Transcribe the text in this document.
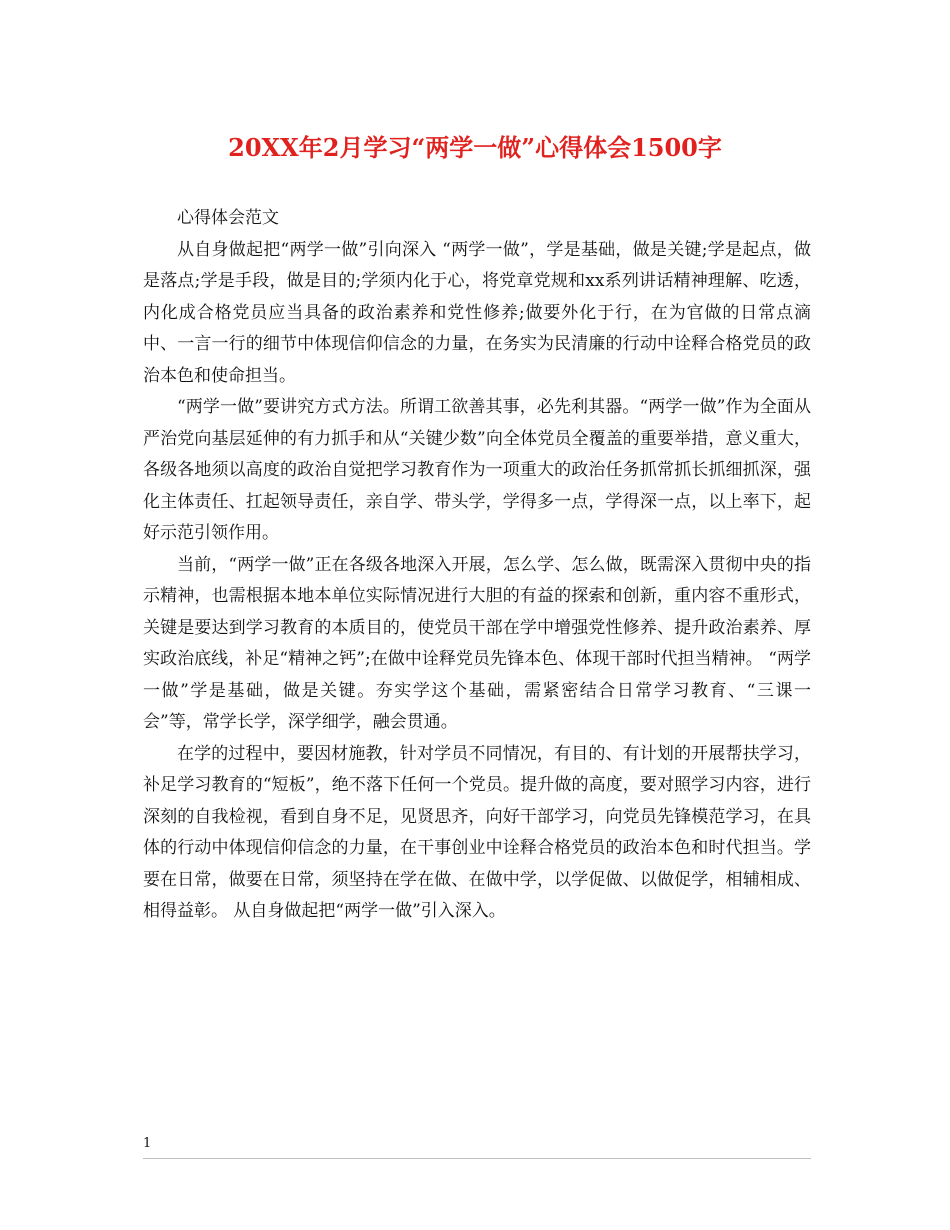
20XX年2月学习“两学一做”心得体会1500字

心得体会范文

从自身做起把“两学一做”引向深入 “两学一做”，学是基础，做是关键;学是起点，做是落点;学是手段，做是目的;学须内化于心，将党章党规和xx系列讲话精神理解、吃透，内化成合格党员应当具备的政治素养和党性修养;做要外化于行，在为官做的日常点滴中、一言一行的细节中体现信仰信念的力量，在务实为民清廉的行动中诠释合格党员的政治本色和使命担当。

“两学一做”要讲究方式方法。所谓工欲善其事，必先利其器。“两学一做”作为全面从严治党向基层延伸的有力抓手和从“关键少数”向全体党员全覆盖的重要举措，意义重大，各级各地须以高度的政治自觉把学习教育作为一项重大的政治任务抓常抓长抓细抓深，强化主体责任、扛起领导责任，亲自学、带头学，学得多一点，学得深一点，以上率下，起好示范引领作用。

当前，“两学一做”正在各级各地深入开展，怎么学、怎么做，既需深入贯彻中央的指示精神，也需根据本地本单位实际情况进行大胆的有益的探索和创新，重内容不重形式，关键是要达到学习教育的本质目的，使党员干部在学中增强党性修养、提升政治素养、厚实政治底线，补足“精神之钙”;在做中诠释党员先锋本色、体现干部时代担当精神。 “两学一做”学是基础，做是关键。夯实学这个基础，需紧密结合日常学习教育、“三课一会”等，常学长学，深学细学，融会贯通。

在学的过程中，要因材施教，针对学员不同情况，有目的、有计划的开展帮扶学习，补足学习教育的“短板”，绝不落下任何一个党员。提升做的高度，要对照学习内容，进行深刻的自我检视，看到自身不足，见贤思齐，向好干部学习，向党员先锋模范学习，在具体的行动中体现信仰信念的力量，在干事创业中诠释合格党员的政治本色和时代担当。学要在日常，做要在日常，须坚持在学在做、在做中学，以学促做、以做促学，相辅相成、相得益彰。 从自身做起把“两学一做”引入深入。

1
